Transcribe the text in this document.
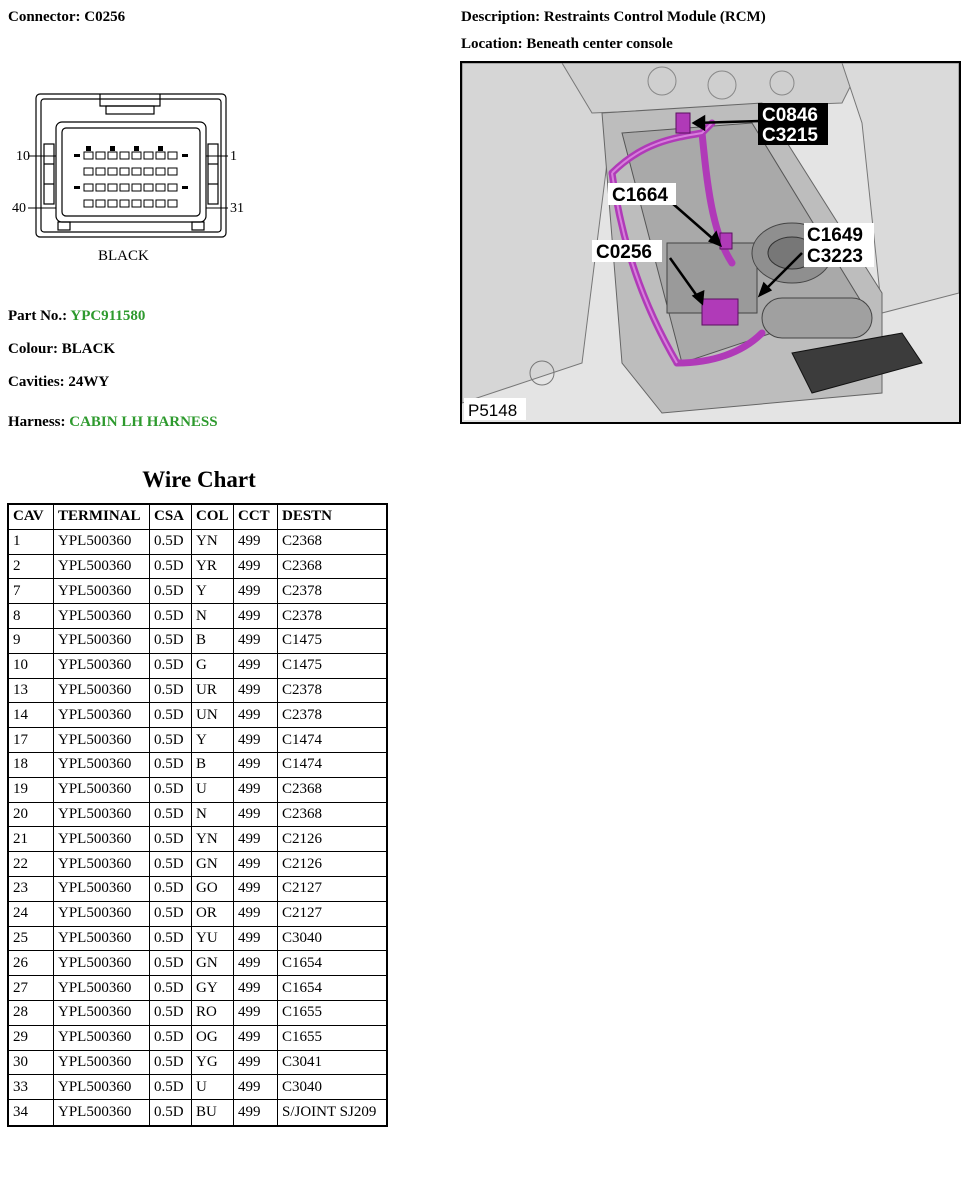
Connector: C0256	Description: Restraints Control Module (RCM)
Location: Beneath center console
10	1
40	31
BLACK
Part No.: YPC911580
Colour: BLACK
Cavities: 24WY
Harness: CABIN LH HARNESS
C0846
C3215
C1664
C1649
C3223
C0256
P5148
Wire Chart
CAV	TERMINAL	CSA	COL	CCT	DESTN
1	YPL500360	0.5D	YN	499	C2368
2	YPL500360	0.5D	YR	499	C2368
7	YPL500360	0.5D	Y	499	C2378
8	YPL500360	0.5D	N	499	C2378
9	YPL500360	0.5D	B	499	C1475
10	YPL500360	0.5D	G	499	C1475
13	YPL500360	0.5D	UR	499	C2378
14	YPL500360	0.5D	UN	499	C2378
17	YPL500360	0.5D	Y	499	C1474
18	YPL500360	0.5D	B	499	C1474
19	YPL500360	0.5D	U	499	C2368
20	YPL500360	0.5D	N	499	C2368
21	YPL500360	0.5D	YN	499	C2126
22	YPL500360	0.5D	GN	499	C2126
23	YPL500360	0.5D	GO	499	C2127
24	YPL500360	0.5D	OR	499	C2127
25	YPL500360	0.5D	YU	499	C3040
26	YPL500360	0.5D	GN	499	C1654
27	YPL500360	0.5D	GY	499	C1654
28	YPL500360	0.5D	RO	499	C1655
29	YPL500360	0.5D	OG	499	C1655
30	YPL500360	0.5D	YG	499	C3041
33	YPL500360	0.5D	U	499	C3040
34	YPL500360	0.5D	BU	499	S/JOINT SJ209
